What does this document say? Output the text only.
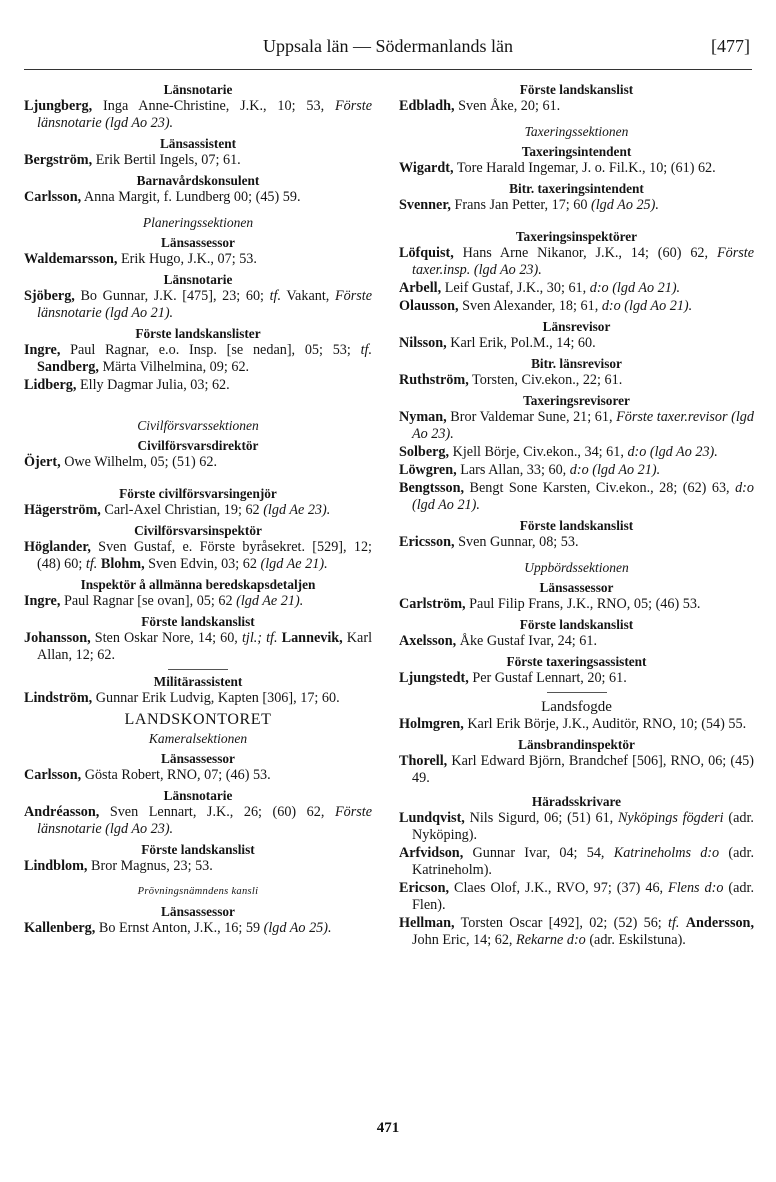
Uppsala län — Södermanlands län	[477]
Länsnotarie
Ljungberg, Inga Anne-Christine, J.K., 10; 53, Förste länsnotarie (lgd Ao 23).
Länsassistent
Bergström, Erik Bertil Ingels, 07; 61.
Barnavårdskonsulent
Carlsson, Anna Margit, f. Lundberg 00; (45) 59.
Planeringssektionen
Länsassessor
Waldemarsson, Erik Hugo, J.K., 07; 53.
Länsnotarie
Sjöberg, Bo Gunnar, J.K. [475], 23; 60; tf. Vakant, Förste länsnotarie (lgd Ao 21).
Förste landskanslister
Ingre, Paul Ragnar, e.o. Insp. [se nedan], 05; 53; tf. Sandberg, Märta Vilhelmina, 09; 62.
Lidberg, Elly Dagmar Julia, 03; 62.
Civilförsvarssektionen
Civilförsvarsdirektör
Öjert, Owe Wilhelm, 05; (51) 62.
Förste civilförsvarsingenjör
Hägerström, Carl-Axel Christian, 19; 62 (lgd Ae 23).
Civilförsvarsinspektör
Höglander, Sven Gustaf, e. Förste byråsekret. [529], 12; (48) 60; tf. Blohm, Sven Edvin, 03; 62 (lgd Ae 21).
Inspektör å allmänna beredskapsdetaljen
Ingre, Paul Ragnar [se ovan], 05; 62 (lgd Ae 21).
Förste landskanslist
Johansson, Sten Oskar Nore, 14; 60, tjl.; tf. Lannevik, Karl Allan, 12; 62.
Militärassistent
Lindström, Gunnar Erik Ludvig, Kapten [306], 17; 60.
LANDSKONTORET
Kameralsektionen
Länsassessor
Carlsson, Gösta Robert, RNO, 07; (46) 53.
Länsnotarie
Andréasson, Sven Lennart, J.K., 26; (60) 62, Förste länsnotarie (lgd Ao 23).
Förste landskanslist
Lindblom, Bror Magnus, 23; 53.
Prövningsnämndens kansli
Länsassessor
Kallenberg, Bo Ernst Anton, J.K., 16; 59 (lgd Ao 25).
Förste landskanslist
Edbladh, Sven Åke, 20; 61.
Taxeringssektionen
Taxeringsintendent
Wigardt, Tore Harald Ingemar, J. o. Fil.K., 10; (61) 62.
Bitr. taxeringsintendent
Svenner, Frans Jan Petter, 17; 60 (lgd Ao 25).
Taxeringsinspektörer
Löfquist, Hans Arne Nikanor, J.K., 14; (60) 62, Förste taxer.insp. (lgd Ao 23).
Arbell, Leif Gustaf, J.K., 30; 61, d:o (lgd Ao 21).
Olausson, Sven Alexander, 18; 61, d:o (lgd Ao 21).
Länsrevisor
Nilsson, Karl Erik, Pol.M., 14; 60.
Bitr. länsrevisor
Ruthström, Torsten, Civ.ekon., 22; 61.
Taxeringsrevisorer
Nyman, Bror Valdemar Sune, 21; 61, Förste taxer.revisor (lgd Ao 23).
Solberg, Kjell Börje, Civ.ekon., 34; 61, d:o (lgd Ao 23).
Löwgren, Lars Allan, 33; 60, d:o (lgd Ao 21).
Bengtsson, Bengt Sone Karsten, Civ.ekon., 28; (62) 63, d:o (lgd Ao 21).
Förste landskanslist
Ericsson, Sven Gunnar, 08; 53.
Uppbördssektionen
Länsassessor
Carlström, Paul Filip Frans, J.K., RNO, 05; (46) 53.
Förste landskanslist
Axelsson, Åke Gustaf Ivar, 24; 61.
Förste taxeringsassistent
Ljungstedt, Per Gustaf Lennart, 20; 61.
Landsfogde
Holmgren, Karl Erik Börje, J.K., Auditör, RNO, 10; (54) 55.
Länsbrandinspektör
Thorell, Karl Edward Björn, Brandchef [506], RNO, 06; (45) 49.
Häradsskrivare
Lundqvist, Nils Sigurd, 06; (51) 61, Nyköpings fögderi (adr. Nyköping).
Arfvidson, Gunnar Ivar, 04; 54, Katrineholms d:o (adr. Katrineholm).
Ericson, Claes Olof, J.K., RVO, 97; (37) 46, Flens d:o (adr. Flen).
Hellman, Torsten Oscar [492], 02; (52) 56; tf. Andersson, John Eric, 14; 62, Rekarne d:o (adr. Eskilstuna).
471
